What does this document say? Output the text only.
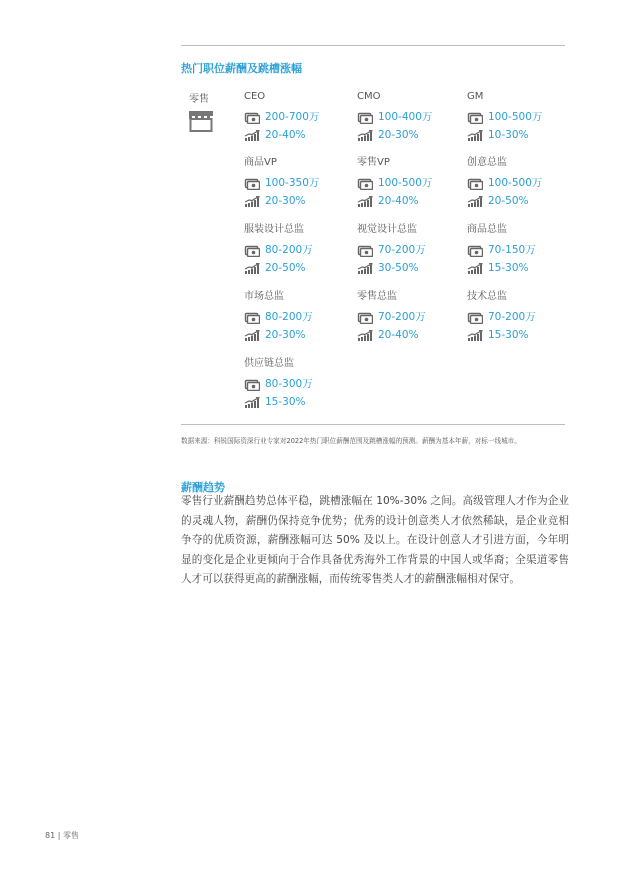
热门职位薪酬及跳槽涨幅
零售	CEO
200-700万
20-40%
CMO
100-400万
20-30%
GM
100-500万
10-30%
商品VP
100-350万
20-30%
零售VP
100-500万
20-40%
创意总监
100-500万
20-50%
服装设计总监
80-200万
20-50%
视觉设计总监
70-200万
30-50%
商品总监
70-150万
15-30%
市场总监
80-200万
20-30%
零售总监
70-200万
20-40%
技术总监
70-200万
15-30%
供应链总监
80-300万
15-30%
数据来源：科锐国际资深行业专家对2022年热门职位薪酬范围及跳槽涨幅的预测。薪酬为基本年薪，对标一线城市。
薪酬趋势
零售行业薪酬趋势总体平稳，跳槽涨幅在 10%-30% 之间。高级管理人才作为企业的灵魂人物，薪酬仍保持竞争优势；优秀的设计创意类人才依然稀缺，是企业竞相争夺的优质资源，薪酬涨幅可达 50% 及以上。在设计创意人才引进方面，今年明显的变化是企业更倾向于合作具备优秀海外工作背景的中国人或华裔；全渠道零售人才可以获得更高的薪酬涨幅，而传统零售类人才的薪酬涨幅相对保守。
81 | 零售
